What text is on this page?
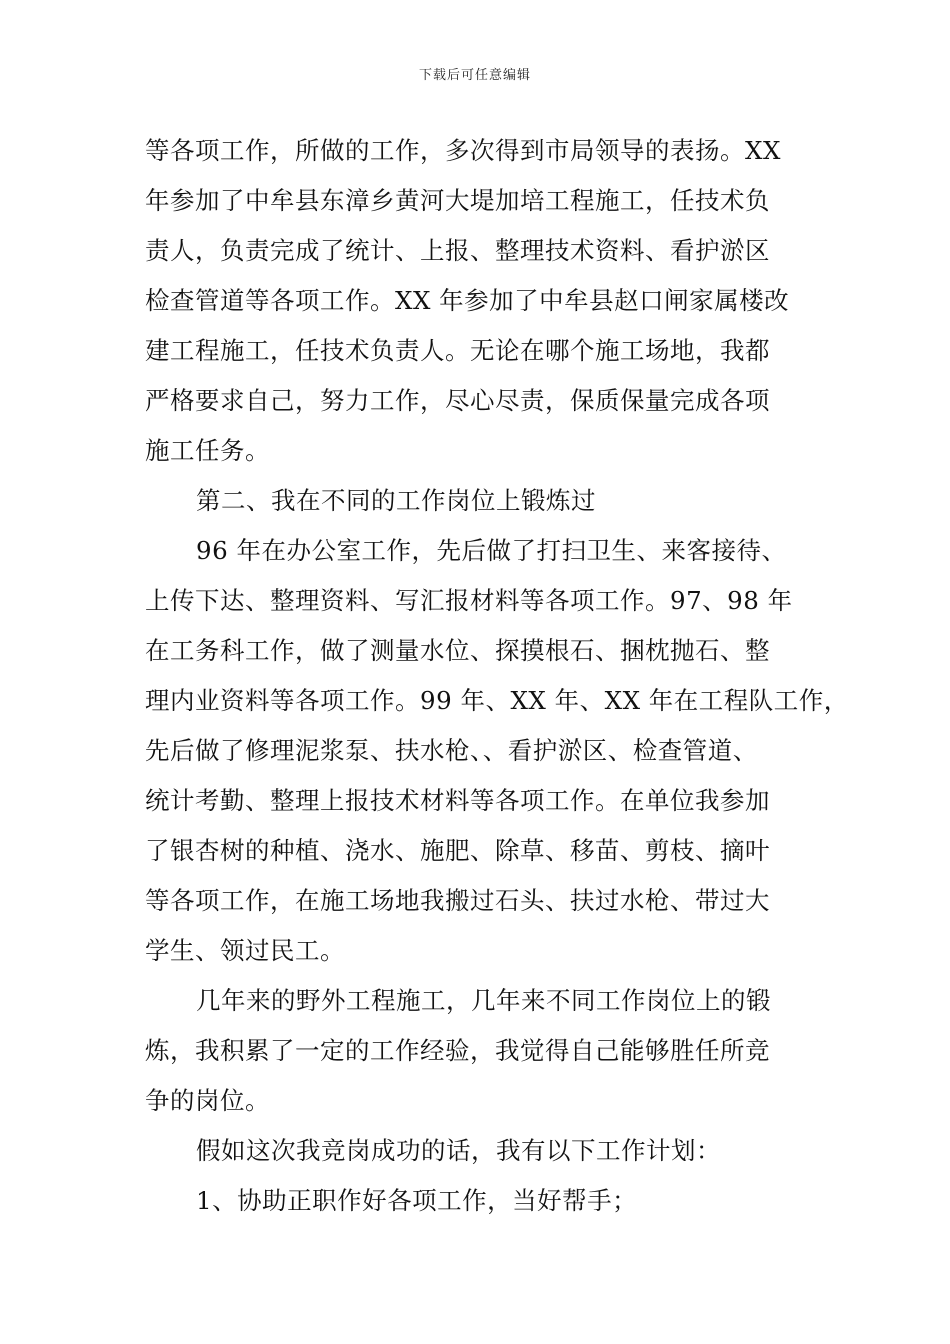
下载后可任意编辑
等各项工作，所做的工作，多次得到市局领导的表扬。XX
年参加了中牟县东漳乡黄河大堤加培工程施工，任技术负
责人，负责完成了统计、上报、整理技术资料、看护淤区
检查管道等各项工作。XX 年参加了中牟县赵口闸家属楼改
建工程施工，任技术负责人。无论在哪个施工场地，我都
严格要求自己，努力工作，尽心尽责，保质保量完成各项
施工任务。
第二、我在不同的工作岗位上锻炼过
96 年在办公室工作，先后做了打扫卫生、来客接待、
上传下达、整理资料、写汇报材料等各项工作。97、98 年
在工务科工作，做了测量水位、探摸根石、捆枕抛石、整
理内业资料等各项工作。99 年、XX 年、XX 年在工程队工作，
先后做了修理泥浆泵、扶水枪、、看护淤区、检查管道、
统计考勤、整理上报技术材料等各项工作。在单位我参加
了银杏树的种植、浇水、施肥、除草、移苗、剪枝、摘叶
等各项工作，在施工场地我搬过石头、扶过水枪、带过大
学生、领过民工。
几年来的野外工程施工，几年来不同工作岗位上的锻
炼，我积累了一定的工作经验，我觉得自己能够胜任所竞
争的岗位。
假如这次我竞岗成功的话，我有以下工作计划：
1、协助正职作好各项工作，当好帮手；
